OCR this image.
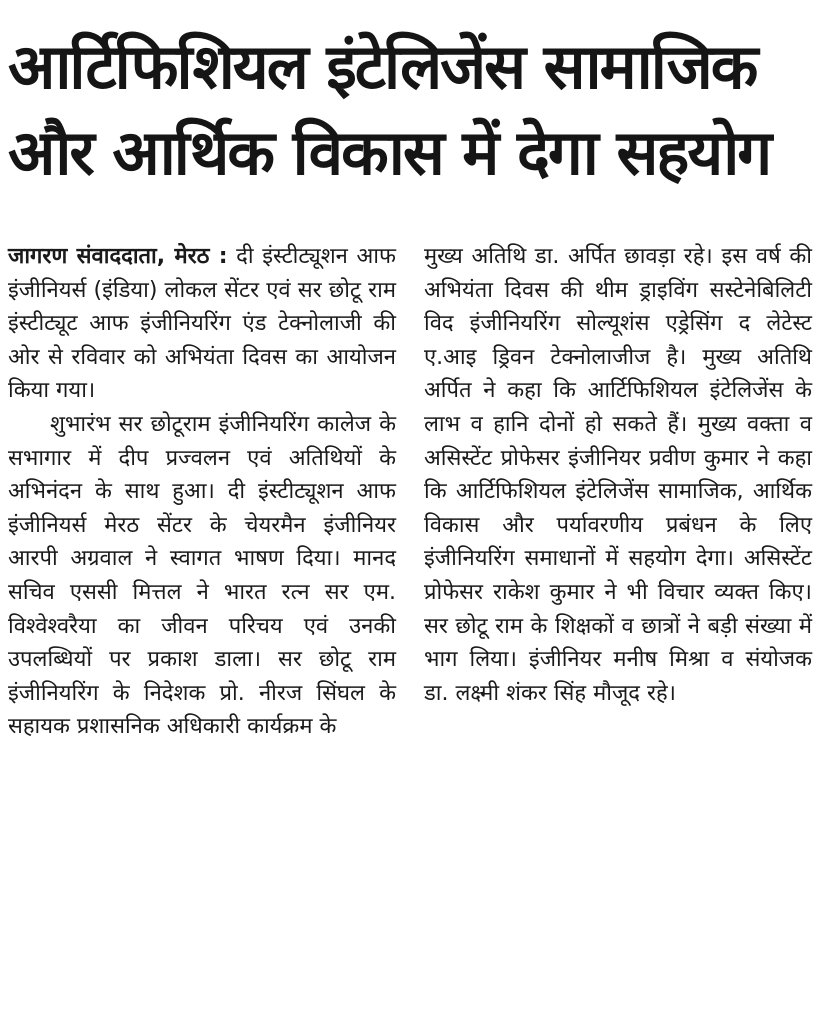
आर्टिफिशियल इंटेलिजेंस सामाजिक
और आर्थिक विकास में देगा सहयोग

जागरण संवाददाता, मेरठ : दी इंस्टीट्यूशन आफ इंजीनियर्स (इंडिया) लोकल सेंटर एवं सर छोटू राम इंस्टीट्यूट आफ इंजीनियरिंग एंड टेक्नोलाजी की ओर से रविवार को अभियंता दिवस का आयोजन किया गया।

शुभारंभ सर छोटूराम इंजीनियरिंग कालेज के सभागार में दीप प्रज्वलन एवं अतिथियों के अभिनंदन के साथ हुआ। दी इंस्टीट्यूशन आफ इंजीनियर्स मेरठ सेंटर के चेयरमैन इंजीनियर आरपी अग्रवाल ने स्वागत भाषण दिया। मानद सचिव एससी मित्तल ने भारत रत्न सर एम. विश्वेश्वरैया का जीवन परिचय एवं उनकी उपलब्धियों पर प्रकाश डाला। सर छोटू राम इंजीनियरिंग के निदेशक प्रो. नीरज सिंघल के सहायक प्रशासनिक अधिकारी कार्यक्रम के

मुख्य अतिथि डा. अर्पित छावड़ा रहे। इस वर्ष की अभियंता दिवस की थीम ड्राइविंग सस्टेनेबिलिटी विद इंजीनियरिंग सोल्यूशंस एड्रेसिंग द लेटेस्ट ए.आइ ड्रिवन टेक्नोलाजीज है। मुख्य अतिथि अर्पित ने कहा कि आर्टिफिशियल इंटेलिजेंस के लाभ व हानि दोनों हो सकते हैं। मुख्य वक्ता व असिस्टेंट प्रोफेसर इंजीनियर प्रवीण कुमार ने कहा कि आर्टिफिशियल इंटेलिजेंस सामाजिक, आर्थिक विकास और पर्यावरणीय प्रबंधन के लिए इंजीनियरिंग समाधानों में सहयोग देगा। असिस्टेंट प्रोफेसर राकेश कुमार ने भी विचार व्यक्त किए। सर छोटू राम के शिक्षकों व छात्रों ने बड़ी संख्या में भाग लिया। इंजीनियर मनीष मिश्रा व संयोजक डा. लक्ष्मी शंकर सिंह मौजूद रहे।
